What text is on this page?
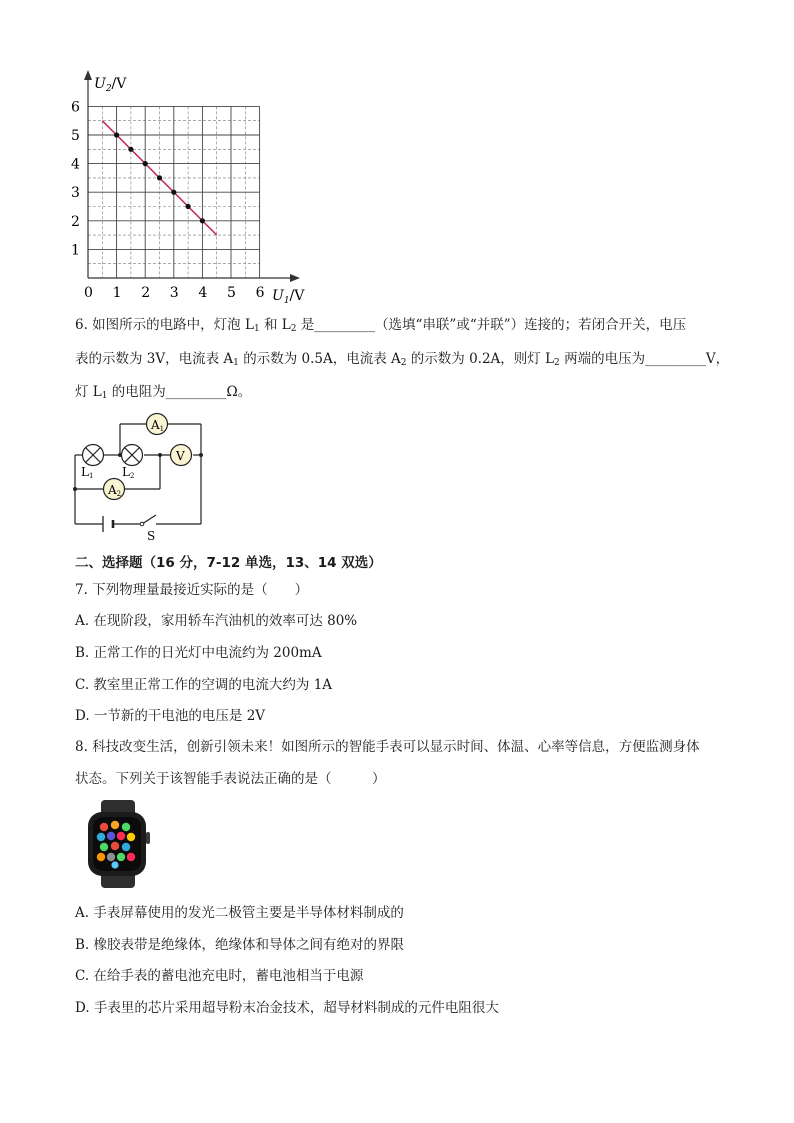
0 1 2 3 4 5 6
1
2
3
4
5
6
$U_2/V$
$U_1/V$
6. 如图所示的电路中，灯泡 $L_1$ 和 $L_2$ 是_________（选填“串联”或“并联”）连接的；若闭合开关，电压
表的示数为 3V，电流表 $A_1$ 的示数为 0.5A，电流表 $A_2$ 的示数为 0.2A，则灯 $L_2$ 两端的电压为_________V，
灯 $L_1$ 的电阻为_________Ω。
A1
A2
V
L1 L2
S
二、选择题（16 分，7-12 单选，13、14 双选）
7. 下列物理量最接近实际的是（　　）
A. 在现阶段，家用轿车汽油机的效率可达 80%
B. 正常工作的日光灯中电流约为 200mA
C. 教室里正常工作的空调的电流大约为 1A
D. 一节新的干电池的电压是 2V
8. 科技改变生活，创新引领未来！如图所示的智能手表可以显示时间、体温、心率等信息，方便监测身体
状态。下列关于该智能手表说法正确的是（　　　）
A. 手表屏幕使用的发光二极管主要是半导体材料制成的
B. 橡胶表带是绝缘体，绝缘体和导体之间有绝对的界限
C. 在给手表的蓄电池充电时，蓄电池相当于电源
D. 手表里的芯片采用超导粉末冶金技术，超导材料制成的元件电阻很大
